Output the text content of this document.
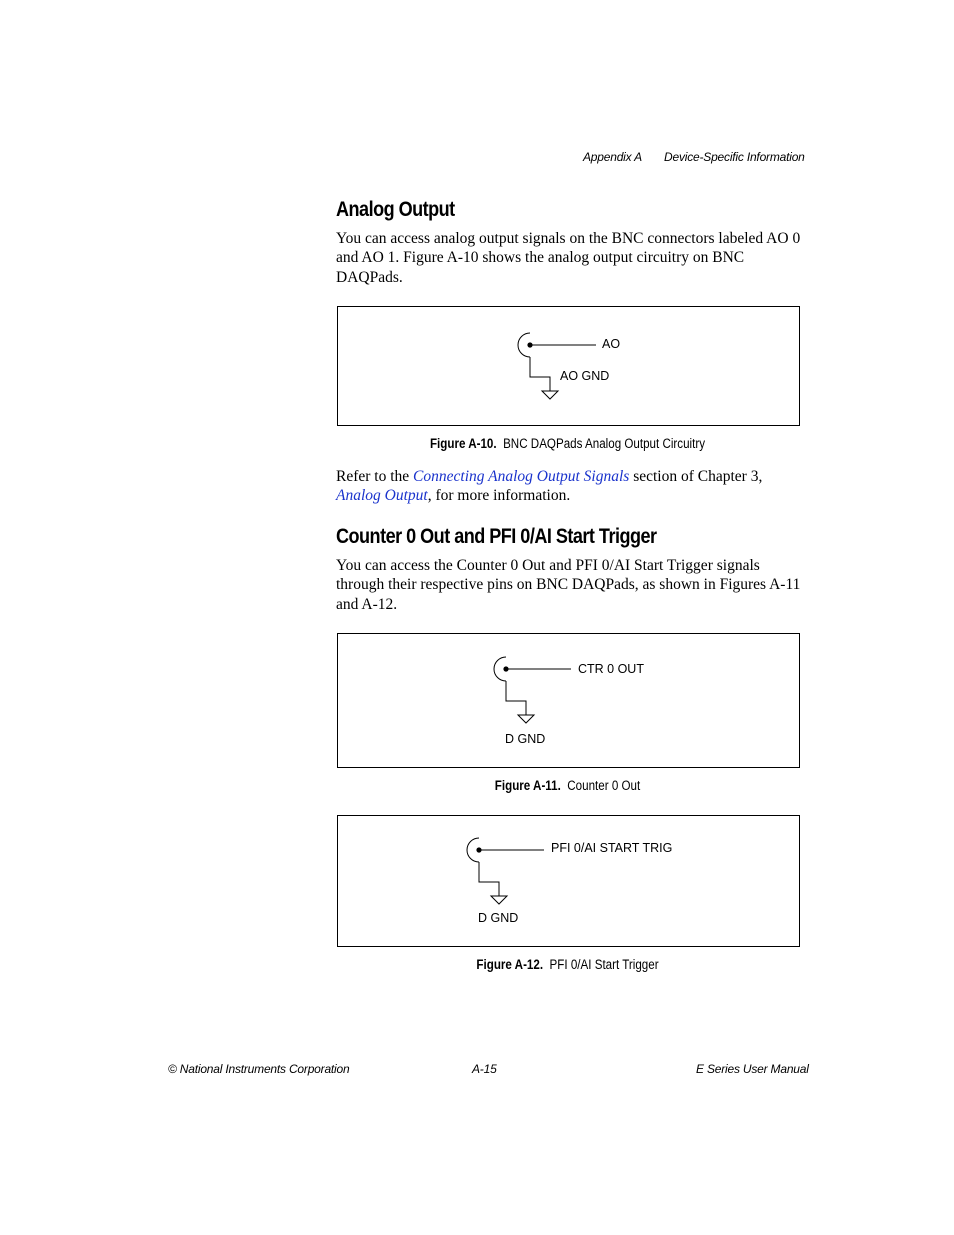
Appendix A Device-Specific Information
Analog Output
You can access analog output signals on the BNC connectors labeled AO 0 and AO 1. Figure A-10 shows the analog output circuitry on BNC DAQPads.
AO
AO GND
Figure A-10. BNC DAQPads Analog Output Circuitry
Refer to the Connecting Analog Output Signals section of Chapter 3,
Analog Output, for more information.
Counter 0 Out and PFI 0/AI Start Trigger
You can access the Counter 0 Out and PFI 0/AI Start Trigger signals through their respective pins on BNC DAQPads, as shown in Figures A-11 and A-12.
CTR 0 OUT
D GND
Figure A-11. Counter 0 Out
PFI 0/AI START TRIG
D GND
Figure A-12. PFI 0/AI Start Trigger
© National Instruments Corporation	A-15	E Series User Manual
